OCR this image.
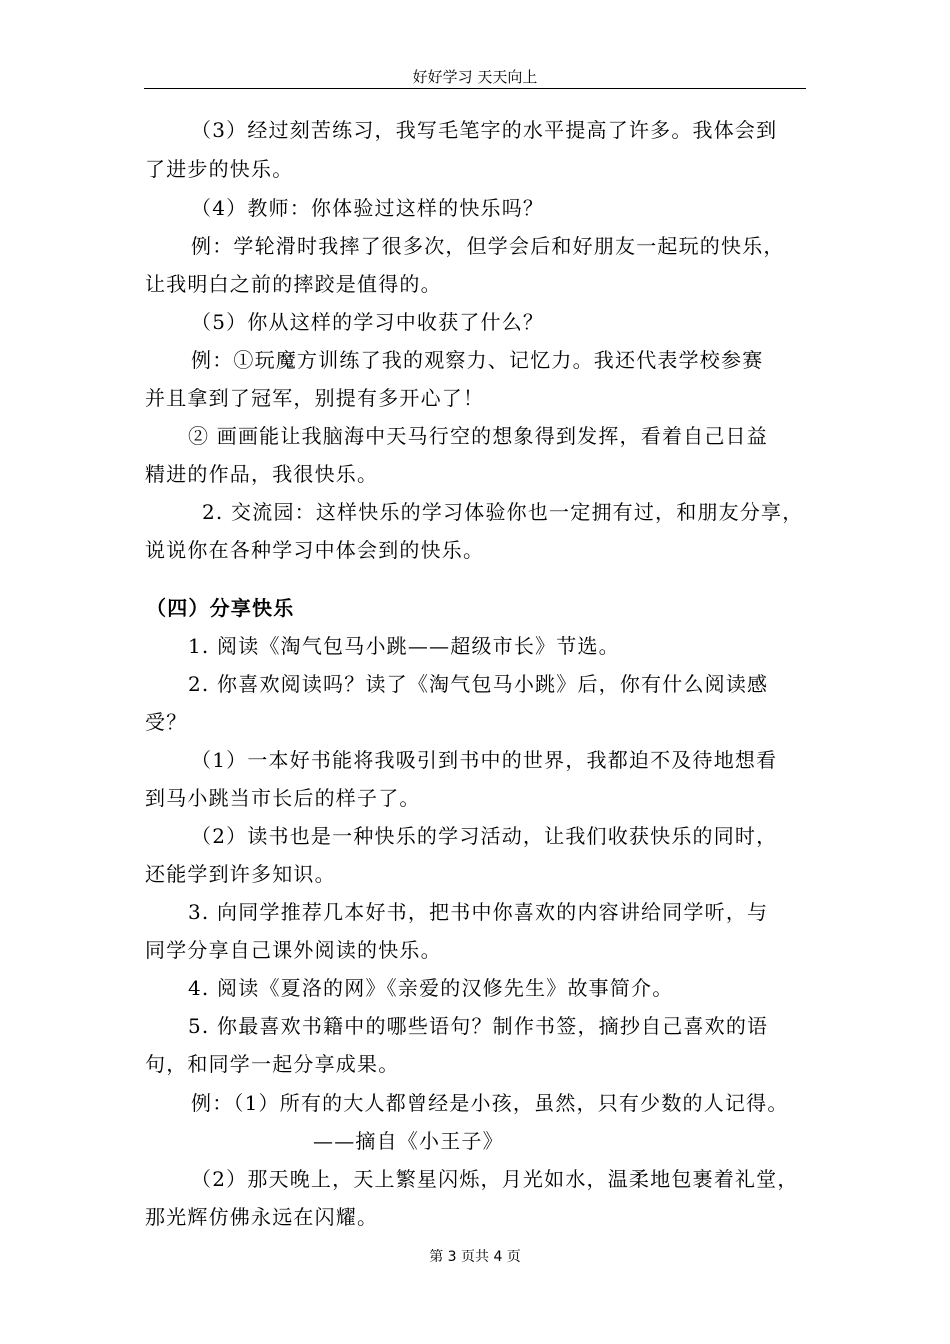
好好学习 天天向上
（3）经过刻苦练习，我写毛笔字的水平提高了许多。我体会到
了进步的快乐。
（4）教师：你体验过这样的快乐吗？
例：学轮滑时我摔了很多次，但学会后和好朋友一起玩的快乐，
让我明白之前的摔跤是值得的。
（5）你从这样的学习中收获了什么？
例：①玩魔方训练了我的观察力、记忆力。我还代表学校参赛
并且拿到了冠军，别提有多开心了！
② 画画能让我脑海中天马行空的想象得到发挥，看着自己日益
精进的作品，我很快乐。
2. 交流园：这样快乐的学习体验你也一定拥有过，和朋友分享，
说说你在各种学习中体会到的快乐。
（四）分享快乐
1. 阅读《淘气包马小跳——超级市长》节选。
2. 你喜欢阅读吗？读了《淘气包马小跳》后，你有什么阅读感
受？
（1）一本好书能将我吸引到书中的世界，我都迫不及待地想看
到马小跳当市长后的样子了。
（2）读书也是一种快乐的学习活动，让我们收获快乐的同时，
还能学到许多知识。
3. 向同学推荐几本好书，把书中你喜欢的内容讲给同学听，与
同学分享自己课外阅读的快乐。
4. 阅读《夏洛的网》《亲爱的汉修先生》故事简介。
5. 你最喜欢书籍中的哪些语句？制作书签，摘抄自己喜欢的语
句，和同学一起分享成果。
例：（1）所有的大人都曾经是小孩，虽然，只有少数的人记得。
——摘自《小王子》
（2）那天晚上，天上繁星闪烁，月光如水，温柔地包裹着礼堂，
那光辉仿佛永远在闪耀。
第 3 页共 4 页
